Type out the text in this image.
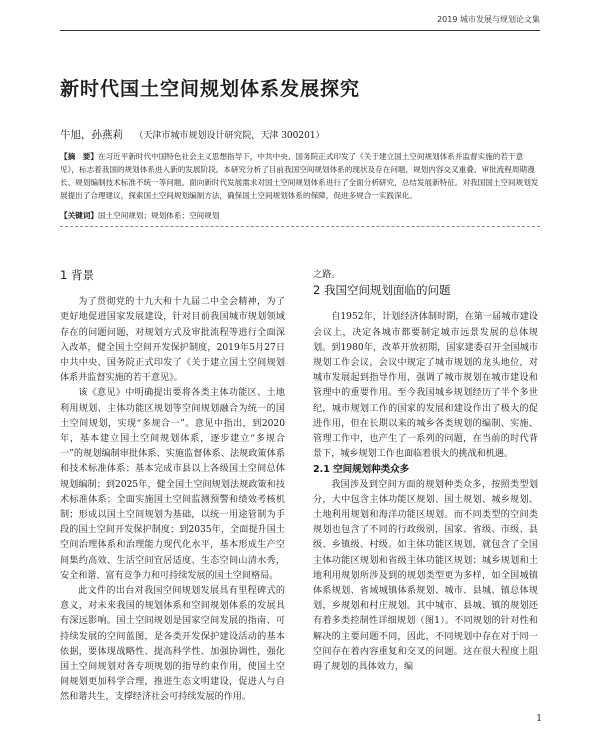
2019 城市发展与规划论文集
新时代国土空间规划体系发展探究
牛旭，孙燕莉 （天津市城市规划设计研究院，天津 300201）
【摘　要】在习近平新时代中国特色社会主义思想指导下，中共中央、国务院正式印发了《关于建立国土空间规划体系并监督实施的若干意见》，标志着我国的规划体系进入新的发展阶段。本研究分析了目前我国空间规划体系的现状及存在问题，规划内容交叉重叠、审批流程周期漫长、规划编制技术标准不统一等问题。面向新时代发展需求对国土空间规划体系进行了全面分析研究，总结发展新特征。对我国国土空间规划发展提出了合理建议，探索国土空间规划编制方法，确保国土空间规划体系的保障，促进多规合一实践深化。
【关键词】国土空间规划；规划体系；空间规划
1 背景

为了贯彻党的十九大和十九届二中全会精神，为了更好地促进国家发展建设，针对目前我国城市规划领域存在的问题问题，对规划方式及审批流程等进行全面深入改革，健全国土空间开发保护制度，2019年5月27日中共中央、国务院正式印发了《关于建立国土空间规划体系并监督实施的若干意见》。

该《意见》中明确提出要将各类主体功能区、土地利用规划、主体功能区规划等空间规划融合为统一的国土空间规划，实现“多规合一”。意见中指出，到2020年，基本建立国土空间规划体系，逐步建立“多规合一”的规划编制审批体系、实施监督体系、法规政策体系和技术标准体系；基本完成市县以上各级国土空间总体规划编制；到2025年，健全国土空间规划法规政策和技术标准体系；全面实施国土空间监测预警和绩效考核机制；形成以国土空间规划为基础，以统一用途管制为手段的国土空间开发保护制度；到2035年，全面提升国土空间治理体系和治理能力现代化水平，基本形成生产空间集约高效、生活空间宜居适度、生态空间山清水秀，安全和谐、富有竞争力和可持续发展的国土空间格局。

此文件的出台对我国空间规划发展具有里程碑式的意义，对未来我国的规划体系和空间规划体系的发展具有深远影响。国土空间规划是国家空间发展的指南、可持续发展的空间蓝图，是各类开发保护建设活动的基本依据，要体现战略性、提高科学性、加强协调性，强化国土空间规划对各专项规划的指导约束作用，使国土空间规划更加科学合理，推进生态文明建设，促进人与自然和谐共生，支撑经济社会可持续发展的作用。

之路。

2 我国空间规划面临的问题

自1952年，计划经济体制时期，在第一届城市建设会议上，决定各城市都要制定城市远景发展的总体规划。到1980年，改革开放初期，国家建委召开全国城市规划工作会议，会议中规定了城市规划的龙头地位，对城市发展起到指导作用，强调了城市规划在城市建设和管理中的重要作用。至今我国城乡规划经历了半个多世纪，城市规划工作的国家的发展和建设作出了极大的促进作用，但在长期以来的城乡各类规划的编制、实施、管理工作中，也产生了一系列的问题，在当前的时代背景下，城乡规划工作也面临着很大的挑战和机遇。

2.1 空间规划种类众多

我国涉及到空间方面的规划种类众多，按照类型划分，大中包含主体功能区规划、国土规划、城乡规划、土地利用规划和海洋功能区规划。而不同类型的空间类规划也包含了不同的行政级别，国家、省级、市级、县级、乡镇级、村级。如主体功能区规划，就包含了全国主体功能区规划和省级主体功能区规划；城乡规划和土地利用规划所涉及到的规划类型更为多样，如全国城镇体系规划、省域城镇体系规划、城市、县城、镇总体规划，乡规划和村庄规划。其中城市、县城、镇的规划还有着多类控制性详细规划（图1）。不同规划的针对性和解决的主要问题不同，因此，不同规划中存在对于同一空间存在着内容重复和交叉的问题。这在很大程度上阻碍了规划的具体效力，编

1
